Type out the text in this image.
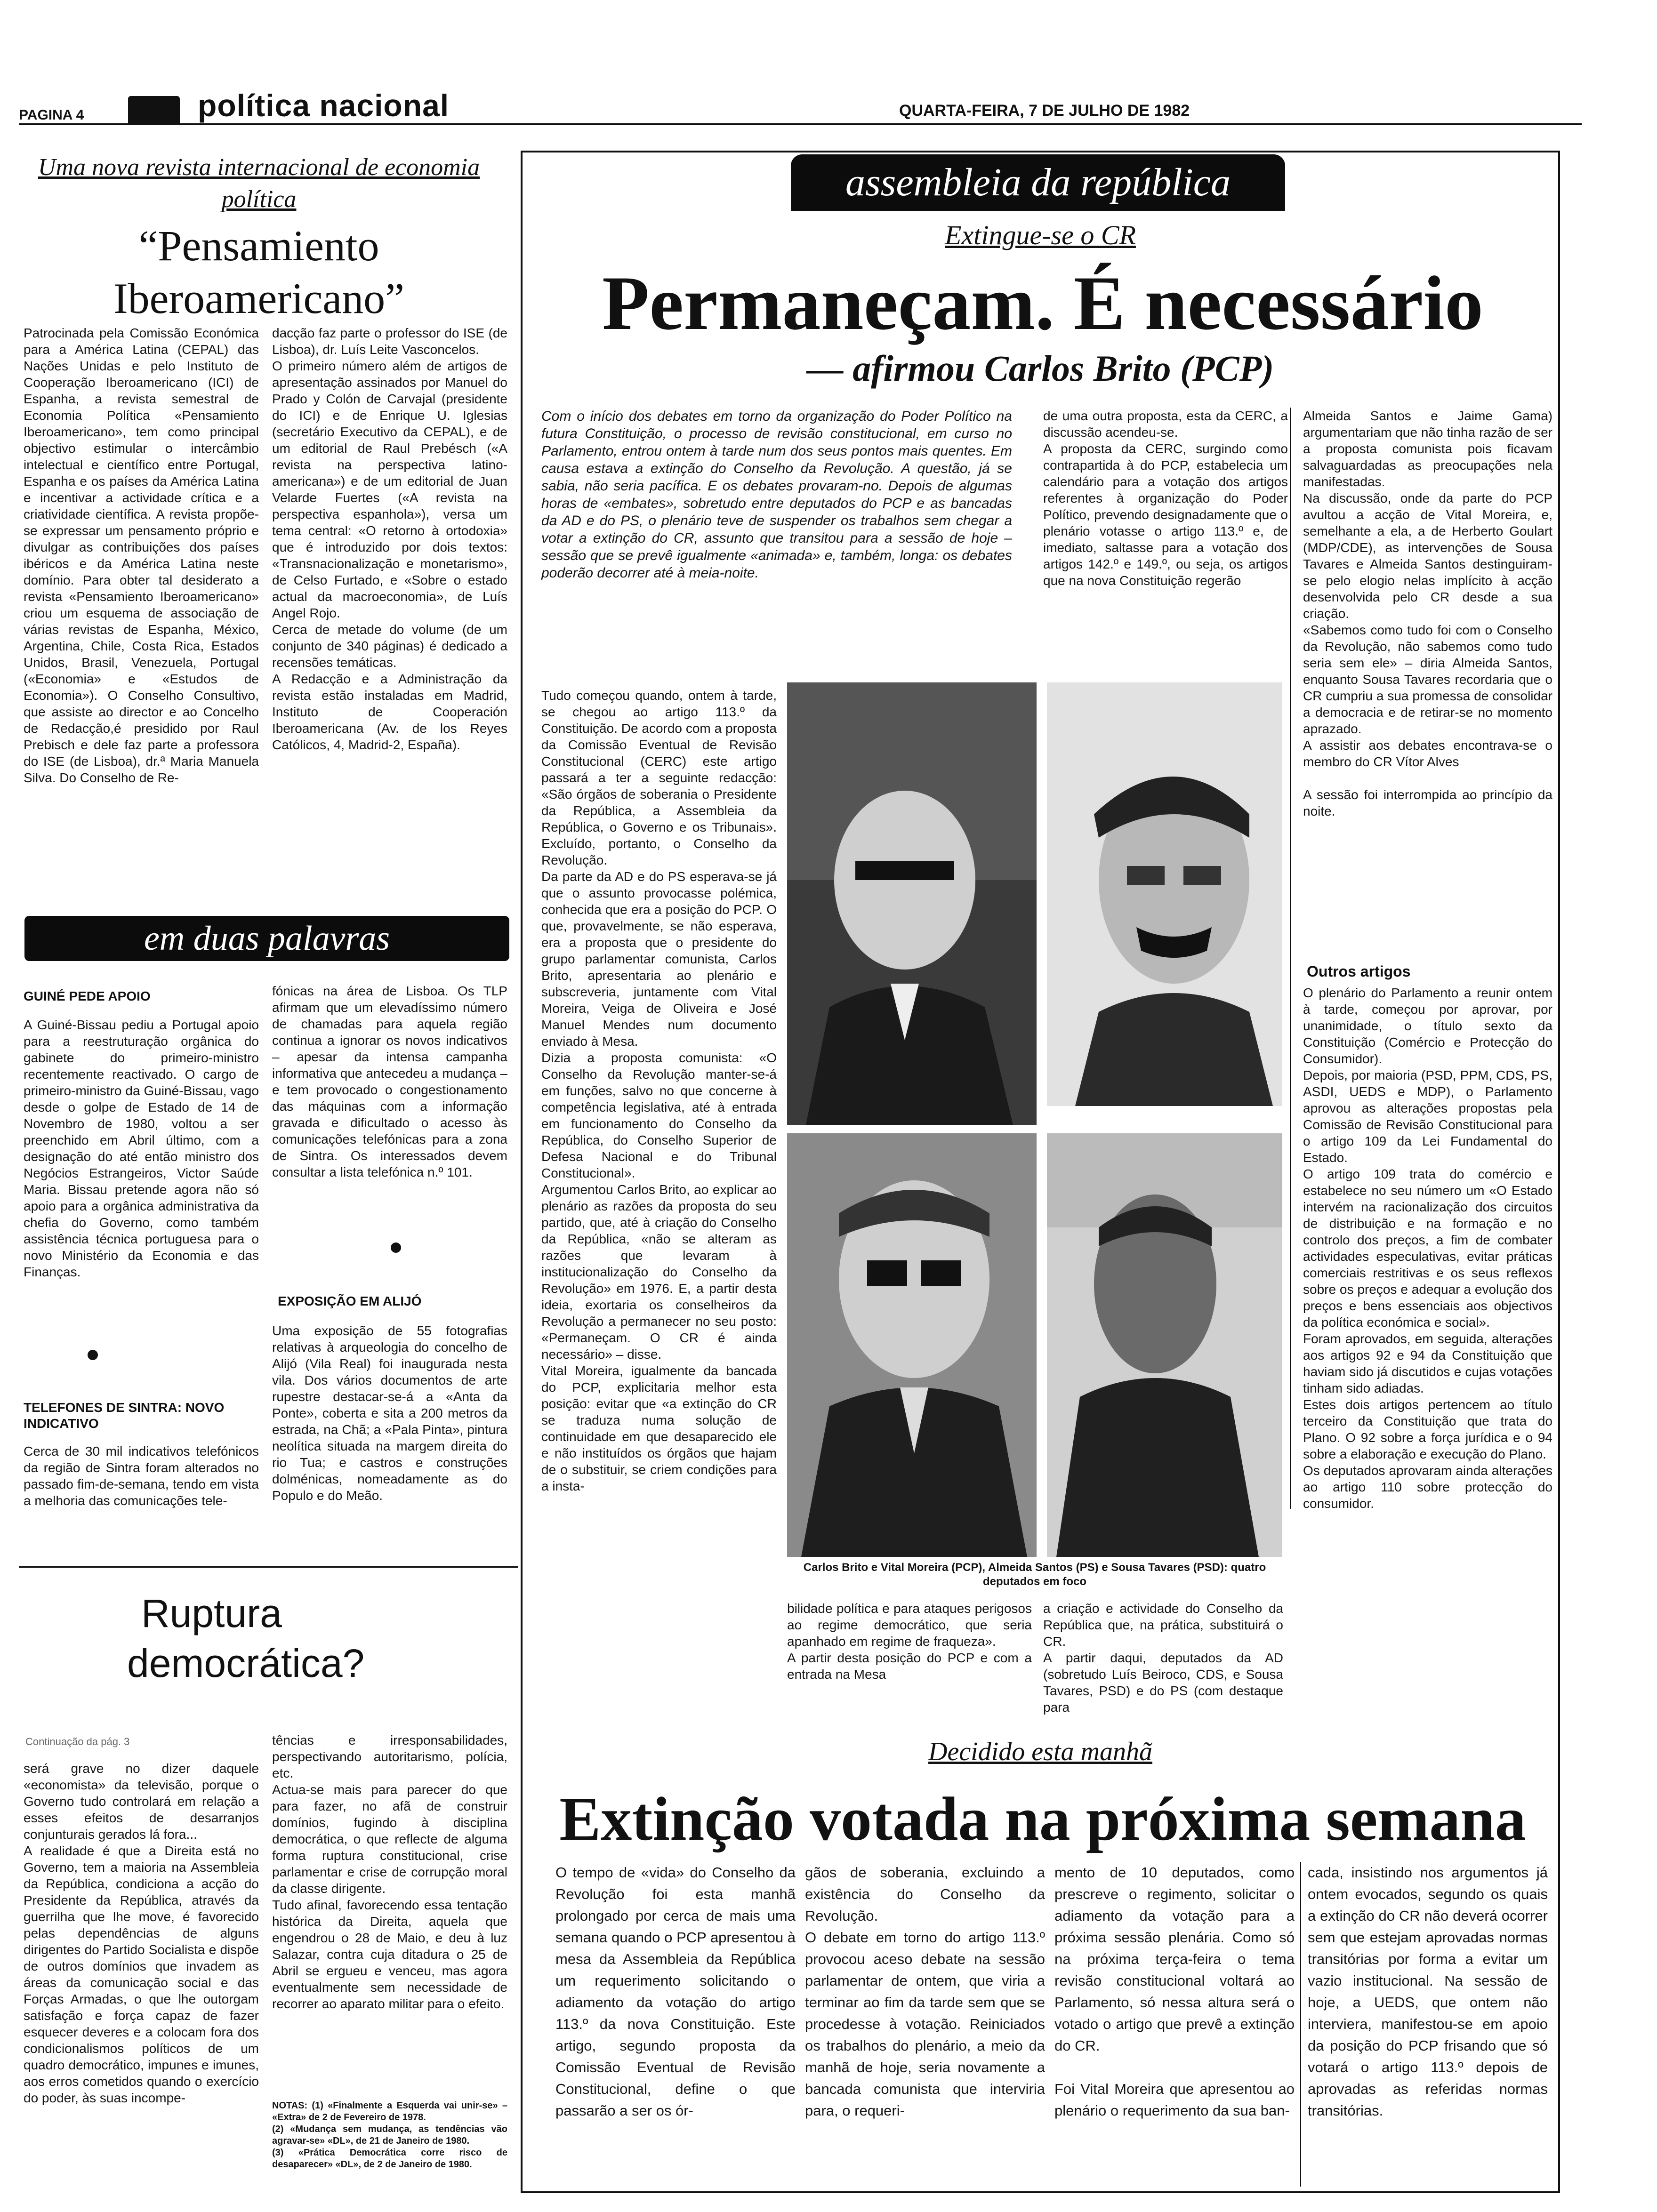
PAGINA 4	política nacional	QUARTA-FEIRA, 7 DE JULHO DE 1982
Uma nova revista internacional de economia política
“Pensamiento Iberoamericano”
Patrocinada pela Comissão Económica para a América Latina (CEPAL) das Nações Unidas e pelo Instituto de Cooperação Iberoamericano (ICI) de Espanha, a revista semestral de Economia Política «Pensamiento Iberoamericano», tem como principal objectivo estimular o intercâmbio intelectual e científico entre Portugal, Espanha e os países da América Latina e incentivar a actividade crítica e a criatividade científica. A revista propõe-se expressar um pensamento próprio e divulgar as contribuições dos países ibéricos e da América Latina neste domínio. Para obter tal desiderato a revista «Pensamiento Iberoamericano» criou um esquema de associação de várias revistas de Espanha, México, Argentina, Chile, Costa Rica, Estados Unidos, Brasil, Venezuela, Portugal («Economia» e «Estudos de Economia»). O Conselho Consultivo, que assiste ao director e ao Concelho de Redacção,é presidido por Raul Prebisch e dele faz parte a professora do ISE (de Lisboa), dr.ª Maria Manuela Silva. Do Conselho de Re-
dacção faz parte o professor do ISE (de Lisboa), dr. Luís Leite Vasconcelos.
O primeiro número além de artigos de apresentação assinados por Manuel do Prado y Colón de Carvajal (presidente do ICI) e de Enrique U. Iglesias (secretário Executivo da CEPAL), e de um editorial de Raul Prebésch («A revista na perspectiva latino-americana») e de um editorial de Juan Velarde Fuertes («A revista na perspectiva espanhola»), versa um tema central: «O retorno à ortodoxia» que é introduzido por dois textos: «Transnacionalização e monetarismo», de Celso Furtado, e «Sobre o estado actual da macroeconomia», de Luís Angel Rojo.
Cerca de metade do volume (de um conjunto de 340 páginas) é dedicado a recensões temáticas.
A Redacção e a Administração da revista estão instaladas em Madrid, Instituto de Cooperación Iberoamericana (Av. de los Reyes Católicos, 4, Madrid-2, España).
em duas palavras
GUINÉ PEDE APOIO
A Guiné-Bissau pediu a Portugal apoio para a reestruturação orgânica do gabinete do primeiro-ministro recentemente reactivado. O cargo de primeiro-ministro da Guiné-Bissau, vago desde o golpe de Estado de 14 de Novembro de 1980, voltou a ser preenchido em Abril último, com a designação do até então ministro dos Negócios Estrangeiros, Victor Saúde Maria. Bissau pretende agora não só apoio para a orgânica administrativa da chefia do Governo, como também assistência técnica portuguesa para o novo Ministério da Economia e das Finanças.
TELEFONES DE SINTRA: NOVO INDICATIVO
Cerca de 30 mil indicativos telefónicos da região de Sintra foram alterados no passado fim-de-semana, tendo em vista a melhoria das comunicações tele-
fónicas na área de Lisboa. Os TLP afirmam que um elevadíssimo número de chamadas para aquela região continua a ignorar os novos indicativos – apesar da intensa campanha informativa que antecedeu a mudança – e tem provocado o congestionamento das máquinas com a informação gravada e dificultado o acesso às comunicações telefónicas para a zona de Sintra. Os interessados devem consultar a lista telefónica n.º 101.
EXPOSIÇÃO EM ALIJÓ
Uma exposição de 55 fotografias relativas à arqueologia do concelho de Alijó (Vila Real) foi inaugurada nesta vila. Dos vários documentos de arte rupestre destacar-se-á a «Anta da Ponte», coberta e sita a 200 metros da estrada, na Chã; a «Pala Pinta», pintura neolítica situada na margem direita do rio Tua; e castros e construções dolménicas, nomeadamente as do Populo e do Meão.
Ruptura
democrática?
Continuação da pág. 3
será grave no dizer daquele «economista» da televisão, porque o Governo tudo controlará em relação a esses efeitos de desarranjos conjunturais gerados lá fora...
A realidade é que a Direita está no Governo, tem a maioria na Assembleia da República, condiciona a acção do Presidente da República, através da guerrilha que lhe move, é favorecido pelas dependências de alguns dirigentes do Partido Socialista e dispõe de outros domínios que invadem as áreas da comunicação social e das Forças Armadas, o que lhe outorgam satisfação e força capaz de fazer esquecer deveres e a colocam fora dos condicionalismos políticos de um quadro democrático, impunes e imunes, aos erros cometidos quando o exercício do poder, às suas incompe-
tências e irresponsabilidades, perspectivando autoritarismo, polícia, etc.
Actua-se mais para parecer do que para fazer, no afã de construir domínios, fugindo à disciplina democrática, o que reflecte de alguma forma ruptura constitucional, crise parlamentar e crise de corrupção moral da classe dirigente.
Tudo afinal, favorecendo essa tentação histórica da Direita, aquela que engendrou o 28 de Maio, e deu à luz Salazar, contra cuja ditadura o 25 de Abril se ergueu e venceu, mas agora eventualmente sem necessidade de recorrer ao aparato militar para o efeito.
NOTAS: (1) «Finalmente a Esquerda vai unir-se» – «Extra» de 2 de Fevereiro de 1978.
(2) «Mudança sem mudança, as tendências vão agravar-se» «DL», de 21 de Janeiro de 1980.
(3) «Prática Democrática corre risco de desaparecer» «DL», de 2 de Janeiro de 1980.
assembleia da república
Extingue-se o CR
Permaneçam. É necessário
— afirmou Carlos Brito (PCP)
Com o início dos debates em torno da organização do Poder Político na futura Constituição, o processo de revisão constitucional, em curso no Parlamento, entrou ontem à tarde num dos seus pontos mais quentes. Em causa estava a extinção do Conselho da Revolução. A questão, já se sabia, não seria pacífica. E os debates provaram-no. Depois de algumas horas de «embates», sobretudo entre deputados do PCP e as bancadas da AD e do PS, o plenário teve de suspender os trabalhos sem chegar a votar a extinção do CR, assunto que transitou para a sessão de hoje – sessão que se prevê igualmente «animada» e, também, longa: os debates poderão decorrer até à meia-noite.
de uma outra proposta, esta da CERC, a discussão acendeu-se.
A proposta da CERC, surgindo como contrapartida à do PCP, estabelecia um calendário para a votação dos artigos referentes à organização do Poder Político, prevendo designadamente que o plenário votasse o artigo 113.º e, de imediato, saltasse para a votação dos artigos 142.º e 149.º, ou seja, os artigos que na nova Constituição regerão
Almeida Santos e Jaime Gama) argumentariam que não tinha razão de ser a proposta comunista pois ficavam salvaguardadas as preocupações nela manifestadas.
Na discussão, onde da parte do PCP avultou a acção de Vital Moreira, e, semelhante a ela, a de Herberto Goulart (MDP/CDE), as intervenções de Sousa Tavares e Almeida Santos destinguiram-se pelo elogio nelas implícito à acção desenvolvida pelo CR desde a sua criação.
«Sabemos como tudo foi com o Conselho da Revolução, não sabemos como tudo seria sem ele» – diria Almeida Santos, enquanto Sousa Tavares recordaria que o CR cumpriu a sua promessa de consolidar a democracia e de retirar-se no momento aprazado.
A assistir aos debates encontrava-se o membro do CR Vítor Alves

A sessão foi interrompida ao princípio da noite.
Outros artigos
O plenário do Parlamento a reunir ontem à tarde, começou por aprovar, por unanimidade, o título sexto da Constituição (Comércio e Protecção do Consumidor).
Depois, por maioria (PSD, PPM, CDS, PS, ASDI, UEDS e MDP), o Parlamento aprovou as alterações propostas pela Comissão de Revisão Constitucional para o artigo 109 da Lei Fundamental do Estado.
O artigo 109 trata do comércio e estabelece no seu número um «O Estado intervém na racionalização dos circuitos de distribuição e na formação e no controlo dos preços, a fim de combater actividades especulativas, evitar práticas comerciais restritivas e os seus reflexos sobre os preços e adequar a evolução dos preços e bens essenciais aos objectivos da política económica e social».
Foram aprovados, em seguida, alterações aos artigos 92 e 94 da Constituição que haviam sido já discutidos e cujas votações tinham sido adiadas.
Estes dois artigos pertencem ao título terceiro da Constituição que trata do Plano. O 92 sobre a força jurídica e o 94 sobre a elaboração e execução do Plano.
Os deputados aprovaram ainda alterações ao artigo 110 sobre protecção do consumidor.
Tudo começou quando, ontem à tarde, se chegou ao artigo 113.º da Constituição. De acordo com a proposta da Comissão Eventual de Revisão Constitucional (CERC) este artigo passará a ter a seguinte redacção: «São órgãos de soberania o Presidente da República, a Assembleia da República, o Governo e os Tribunais». Excluído, portanto, o Conselho da Revolução.
Da parte da AD e do PS esperava-se já que o assunto provocasse polémica, conhecida que era a posição do PCP. O que, provavelmente, se não esperava, era a proposta que o presidente do grupo parlamentar comunista, Carlos Brito, apresentaria ao plenário e subscreveria, juntamente com Vital Moreira, Veiga de Oliveira e José Manuel Mendes num documento enviado à Mesa.
Dizia a proposta comunista: «O Conselho da Revolução manter-se-á em funções, salvo no que concerne à competência legislativa, até à entrada em funcionamento do Conselho da República, do Conselho Superior de Defesa Nacional e do Tribunal Constitucional».
Argumentou Carlos Brito, ao explicar ao plenário as razões da proposta do seu partido, que, até à criação do Conselho da República, «não se alteram as razões que levaram à institucionalização do Conselho da Revolução» em 1976. E, a partir desta ideia, exortaria os conselheiros da Revolução a permanecer no seu posto: «Permaneçam. O CR é ainda necessário» – disse.
Vital Moreira, igualmente da bancada do PCP, explicitaria melhor esta posição: evitar que «a extinção do CR se traduza numa solução de continuidade em que desaparecido ele e não instituídos os órgãos que hajam de o substituir, se criem condições para a insta-
Carlos Brito e Vital Moreira (PCP), Almeida Santos (PS) e Sousa Tavares (PSD): quatro deputados em foco
bilidade política e para ataques perigosos ao regime democrático, que seria apanhado em regime de fraqueza».
A partir desta posição do PCP e com a entrada na Mesa
a criação e actividade do Conselho da República que, na prática, substituirá o CR.
A partir daqui, deputados da AD (sobretudo Luís Beiroco, CDS, e Sousa Tavares, PSD) e do PS (com destaque para
Decidido esta manhã
Extinção votada na próxima semana
O tempo de «vida» do Conselho da Revolução foi esta manhã prolongado por cerca de mais uma semana quando o PCP apresentou à mesa da Assembleia da República um requerimento solicitando o adiamento da votação do artigo 113.º da nova Constituição. Este artigo, segundo proposta da Comissão Eventual de Revisão Constitucional, define o que passarão a ser os ór-
gãos de soberania, excluindo a existência do Conselho da Revolução.
O debate em torno do artigo 113.º provocou aceso debate na sessão parlamentar de ontem, que viria a terminar ao fim da tarde sem que se procedesse à votação. Reiniciados os trabalhos do plenário, a meio da manhã de hoje, seria novamente a bancada comunista que interviria para, o requeri-
mento de 10 deputados, como prescreve o regimento, solicitar o adiamento da votação para a próxima sessão plenária. Como só na próxima terça-feira o tema revisão constitucional voltará ao Parlamento, só nessa altura será o votado o artigo que prevê a extinção do CR.

Foi Vital Moreira que apresentou ao plenário o requerimento da sua ban-
cada, insistindo nos argumentos já ontem evocados, segundo os quais a extinção do CR não deverá ocorrer sem que estejam aprovadas normas transitórias por forma a evitar um vazio institucional. Na sessão de hoje, a UEDS, que ontem não interviera, manifestou-se em apoio da posição do PCP frisando que só votará o artigo 113.º depois de aprovadas as referidas normas transitórias.
